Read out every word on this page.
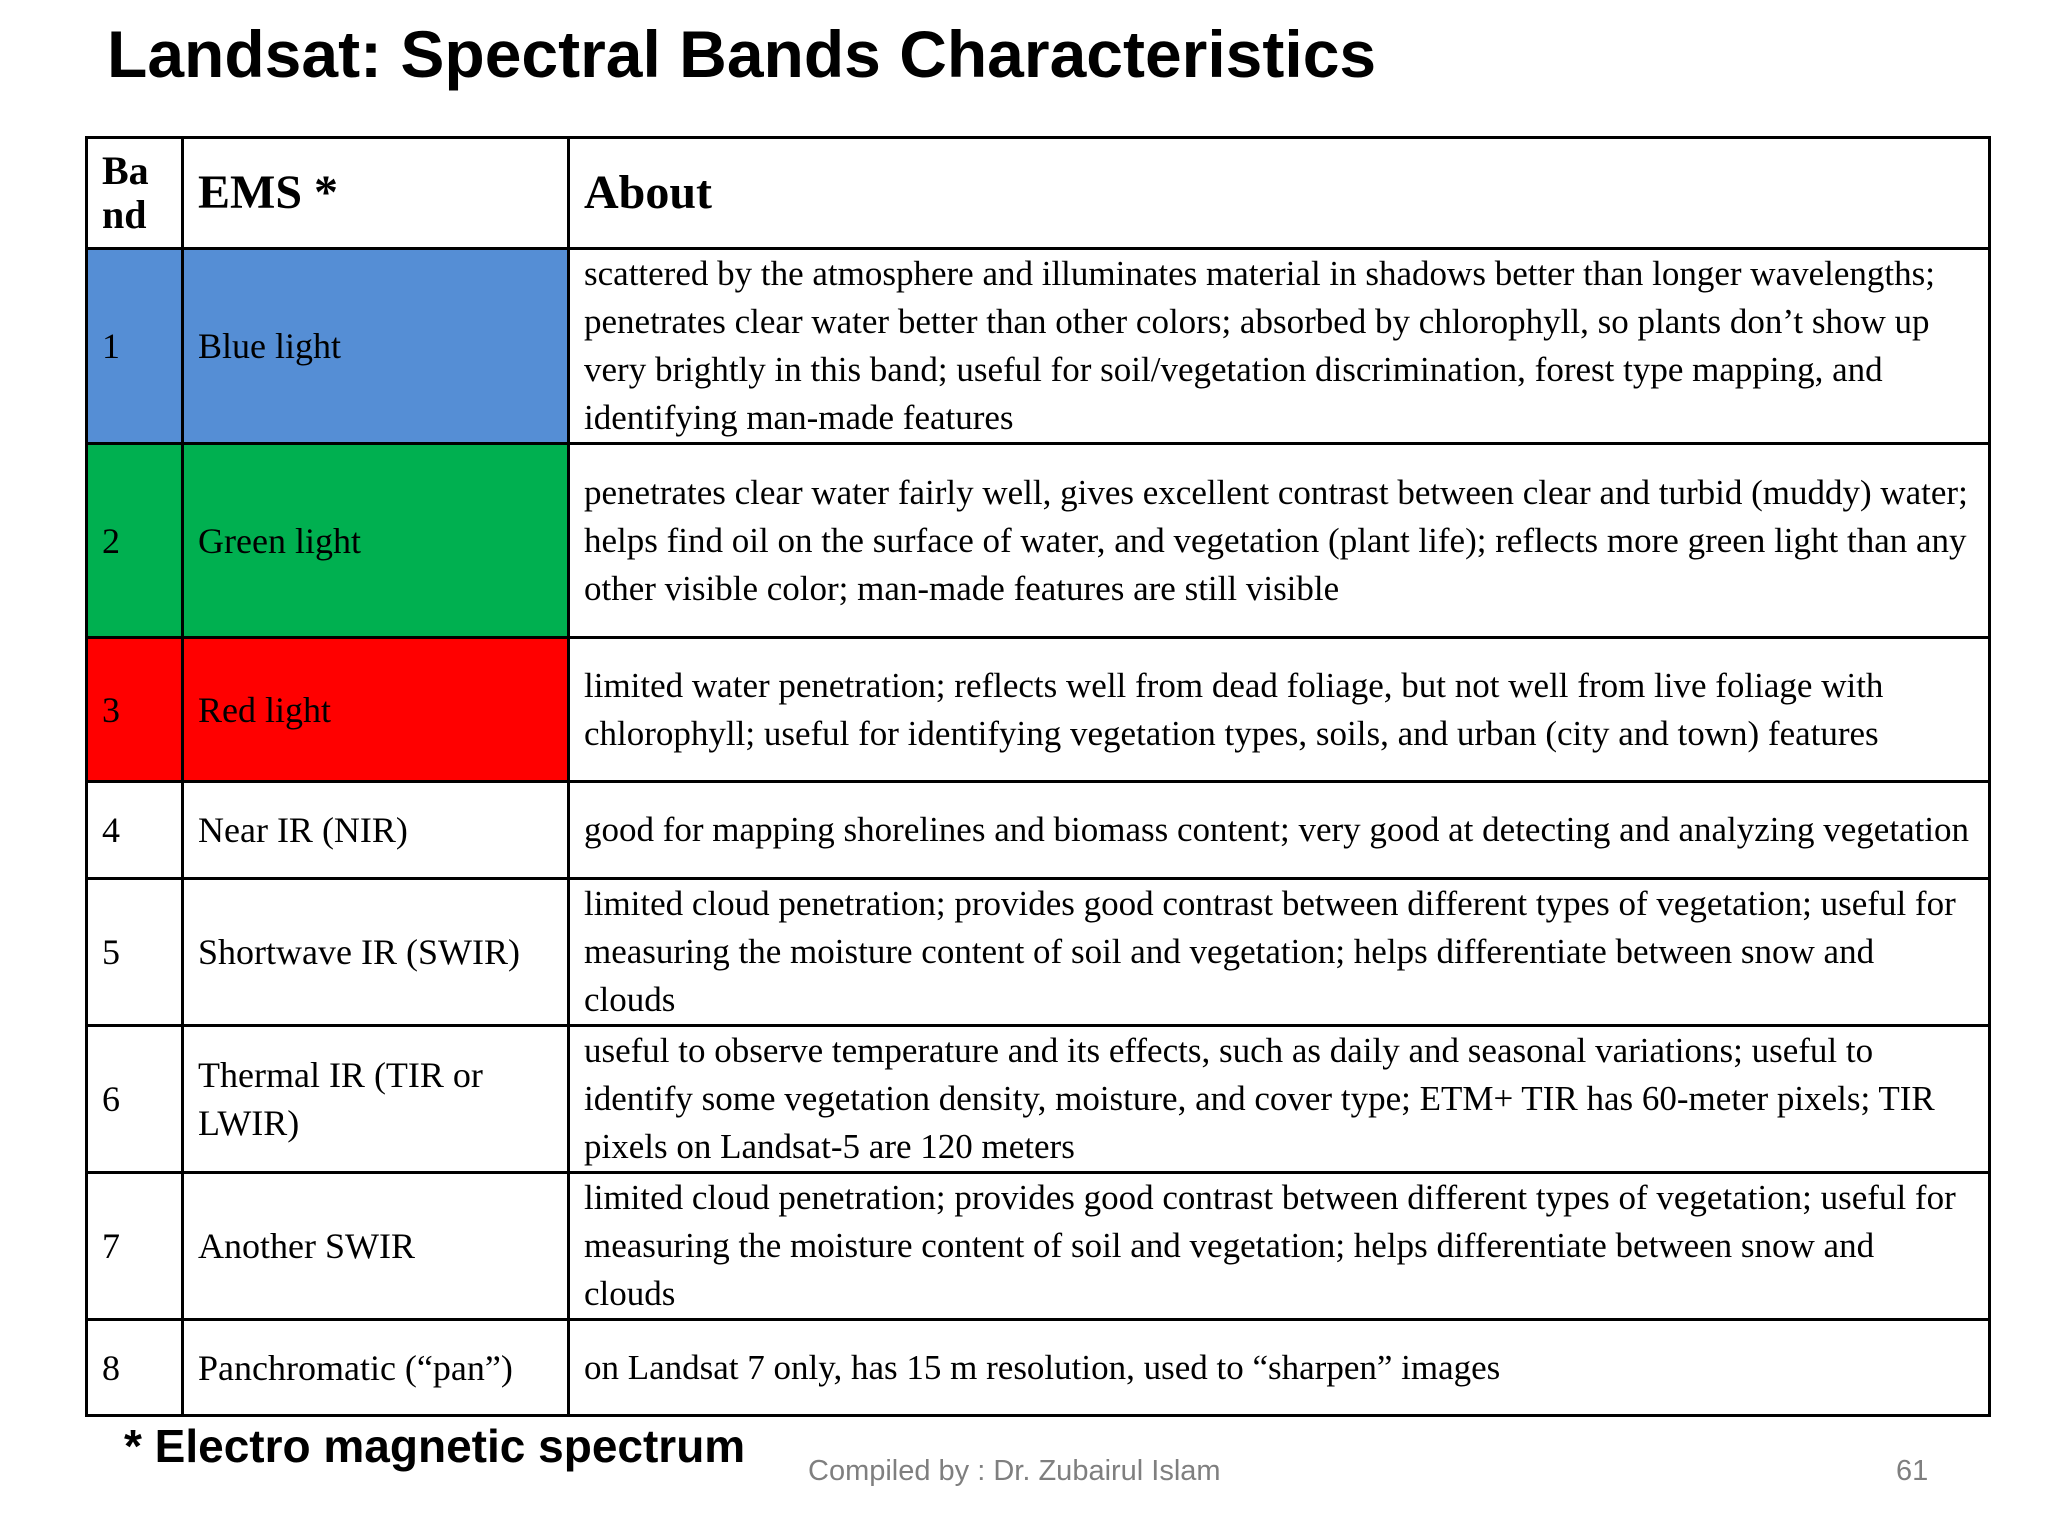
Landsat: Spectral Bands Characteristics
Band	EMS *	About
1	Blue light	scattered by the atmosphere and illuminates material in shadows better than longer wavelengths; penetrates clear water better than other colors; absorbed by chlorophyll, so plants don’t show up very brightly in this band; useful for soil/vegetation discrimination, forest type mapping, and identifying man-made features
2	Green light	penetrates clear water fairly well, gives excellent contrast between clear and turbid (muddy) water; helps find oil on the surface of water, and vegetation (plant life); reflects more green light than any other visible color; man-made features are still visible
3	Red light	limited water penetration; reflects well from dead foliage, but not well from live foliage with chlorophyll; useful for identifying vegetation types, soils, and urban (city and town) features
4	Near IR (NIR)	good for mapping shorelines and biomass content; very good at detecting and analyzing vegetation
5	Shortwave IR (SWIR)	limited cloud penetration; provides good contrast between different types of vegetation; useful for measuring the moisture content of soil and vegetation; helps differentiate between snow and clouds
6	Thermal IR (TIR or LWIR)	useful to observe temperature and its effects, such as daily and seasonal variations; useful to identify some vegetation density, moisture, and cover type; ETM+ TIR has 60-meter pixels; TIR pixels on Landsat-5 are 120 meters
7	Another SWIR	limited cloud penetration; provides good contrast between different types of vegetation; useful for measuring the moisture content of soil and vegetation; helps differentiate between snow and clouds
8	Panchromatic (“pan”)	on Landsat 7 only, has 15 m resolution, used to “sharpen” images
* Electro magnetic spectrum Compiled by : Dr. Zubairul Islam	61
